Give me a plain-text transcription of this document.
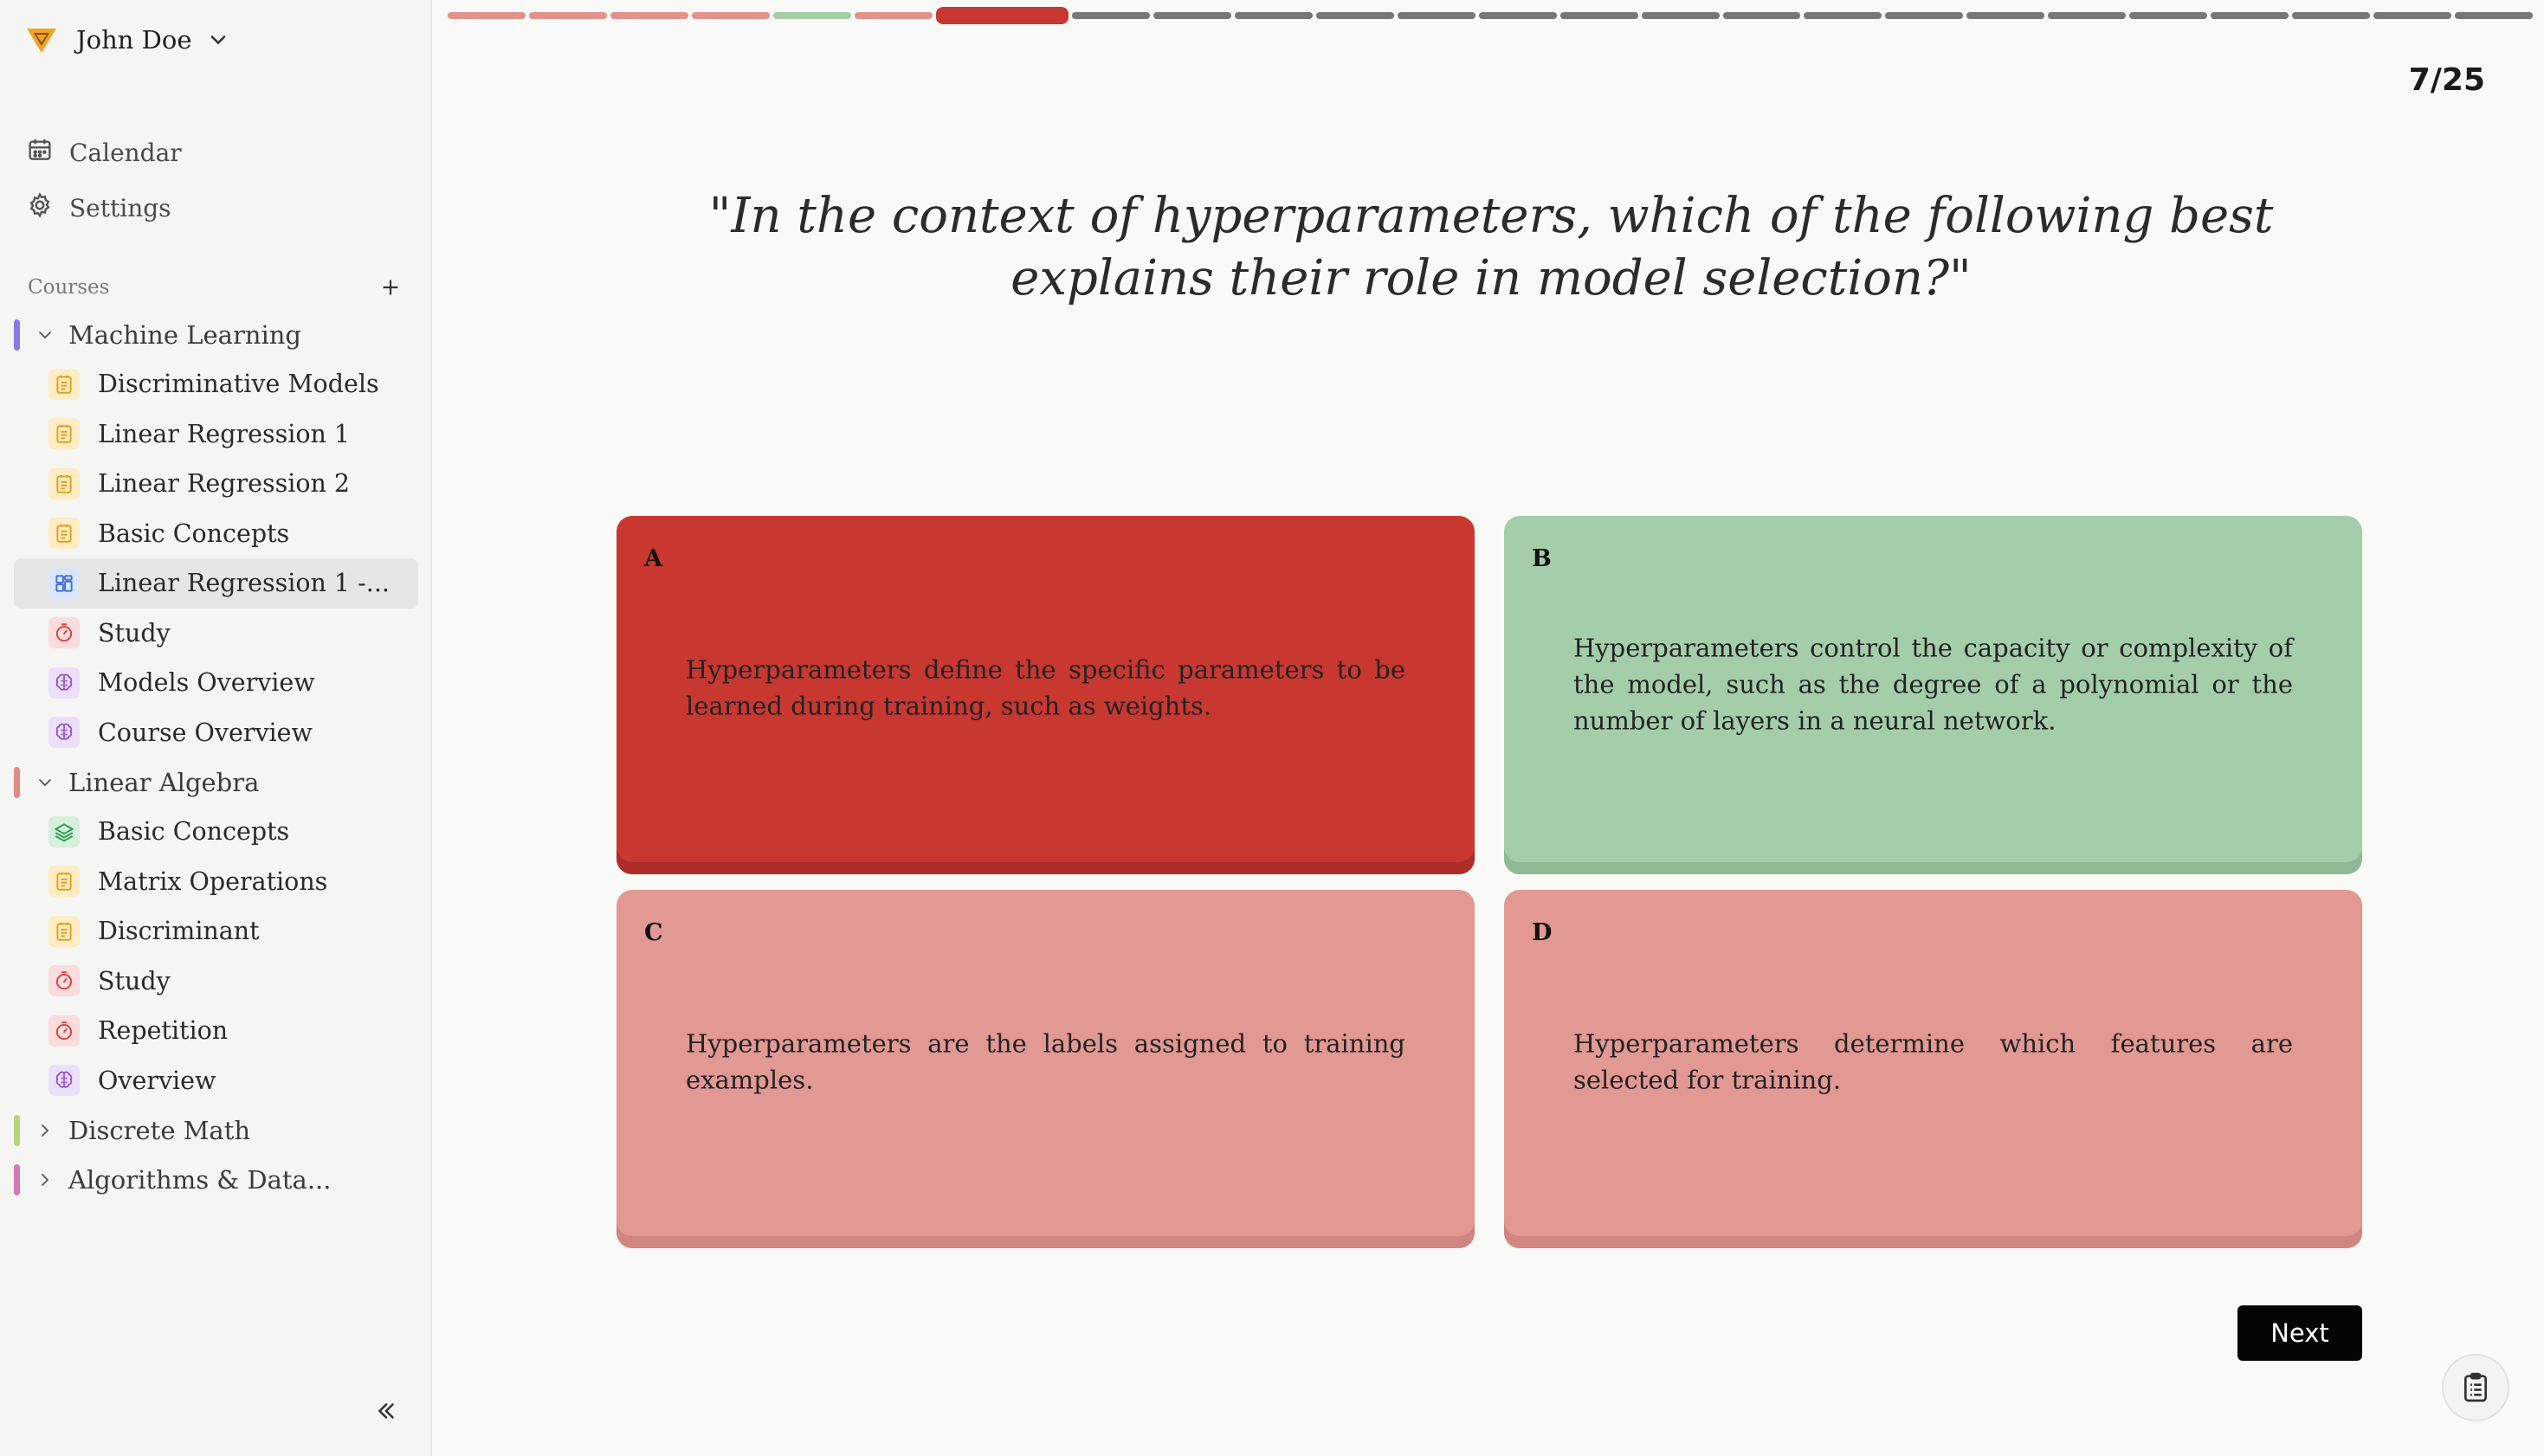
John Doe
Calendar
Settings
Courses
Machine Learning
Discriminative Models
Linear Regression 1
Linear Regression 2
Basic Concepts
Linear Regression 1 -...
Study
Models Overview
Course Overview
Linear Algebra
Basic Concepts
Matrix Operations
Discriminant
Study
Repetition
Overview
Discrete Math
Algorithms & Data...
7/25
"In the context of hyperparameters, which of the following best explains their role in model selection?"
A
Hyperparameters define the specific parameters to be learned during training, such as weights.
B
Hyperparameters control the capacity or complexity of the model, such as the degree of a polynomial or the number of layers in a neural network.
C
Hyperparameters are the labels assigned to training examples.
D
Hyperparameters determine which features are selected for training.
Next
